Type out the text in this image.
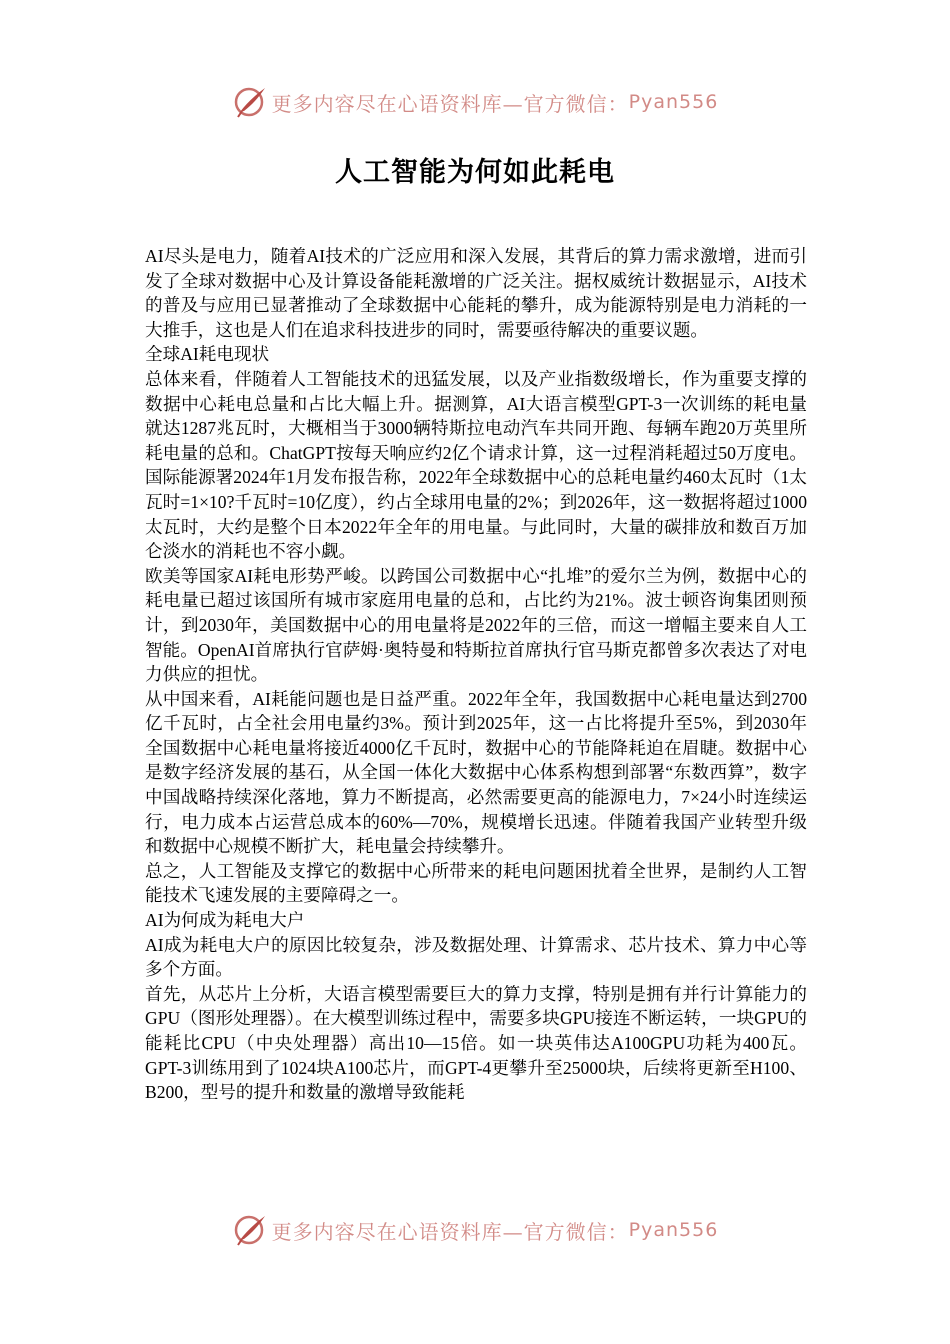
更多内容尽在心语资料库—官方微信： Pyan556
人工智能为何如此耗电

AI尽头是电力，随着AI技术的广泛应用和深入发展，其背后的算力需求激增，进而引发了全球对数据中心及计算设备能耗激增的广泛关注。据权威统计数据显示，AI技术的普及与应用已显著推动了全球数据中心能耗的攀升，成为能源特别是电力消耗的一大推手，这也是人们在追求科技进步的同时，需要亟待解决的重要议题。

全球AI耗电现状

总体来看，伴随着人工智能技术的迅猛发展，以及产业指数级增长，作为重要支撑的数据中心耗电总量和占比大幅上升。据测算，AI大语言模型GPT-3一次训练的耗电量就达1287兆瓦时，大概相当于3000辆特斯拉电动汽车共同开跑、每辆车跑20万英里所耗电量的总和。ChatGPT按每天响应约2亿个请求计算，这一过程消耗超过50万度电。国际能源署2024年1月发布报告称，2022年全球数据中心的总耗电量约460太瓦时（1太瓦时=1×10?千瓦时=10亿度），约占全球用电量的2%；到2026年，这一数据将超过1000太瓦时，大约是整个日本2022年全年的用电量。与此同时，大量的碳排放和数百万加仑淡水的消耗也不容小觑。

欧美等国家AI耗电形势严峻。以跨国公司数据中心“扎堆”的爱尔兰为例，数据中心的耗电量已超过该国所有城市家庭用电量的总和，占比约为21%。波士顿咨询集团则预计，到2030年，美国数据中心的用电量将是2022年的三倍，而这一增幅主要来自人工智能。OpenAI首席执行官萨姆·奥特曼和特斯拉首席执行官马斯克都曾多次表达了对电力供应的担忧。

从中国来看，AI耗能问题也是日益严重。2022年全年，我国数据中心耗电量达到2700亿千瓦时，占全社会用电量约3%。预计到2025年，这一占比将提升至5%，到2030年全国数据中心耗电量将接近4000亿千瓦时，数据中心的节能降耗迫在眉睫。数据中心是数字经济发展的基石，从全国一体化大数据中心体系构想到部署“东数西算”，数字中国战略持续深化落地，算力不断提高，必然需要更高的能源电力，7×24小时连续运行，电力成本占运营总成本的60%—70%，规模增长迅速。伴随着我国产业转型升级和数据中心规模不断扩大，耗电量会持续攀升。

总之，人工智能及支撑它的数据中心所带来的耗电问题困扰着全世界，是制约人工智能技术飞速发展的主要障碍之一。

AI为何成为耗电大户

AI成为耗电大户的原因比较复杂，涉及数据处理、计算需求、芯片技术、算力中心等多个方面。

首先，从芯片上分析，大语言模型需要巨大的算力支撑，特别是拥有并行计算能力的GPU（图形处理器）。在大模型训练过程中，需要多块GPU接连不断运转，一块GPU的能耗比CPU（中央处理器）高出10—15倍。如一块英伟达A100GPU功耗为400瓦。GPT-3训练用到了1024块A100芯片，而GPT-4更攀升至25000块，后续将更新至H100、B200，型号的提升和数量的激增导致能耗

更多内容尽在心语资料库—官方微信： Pyan556
